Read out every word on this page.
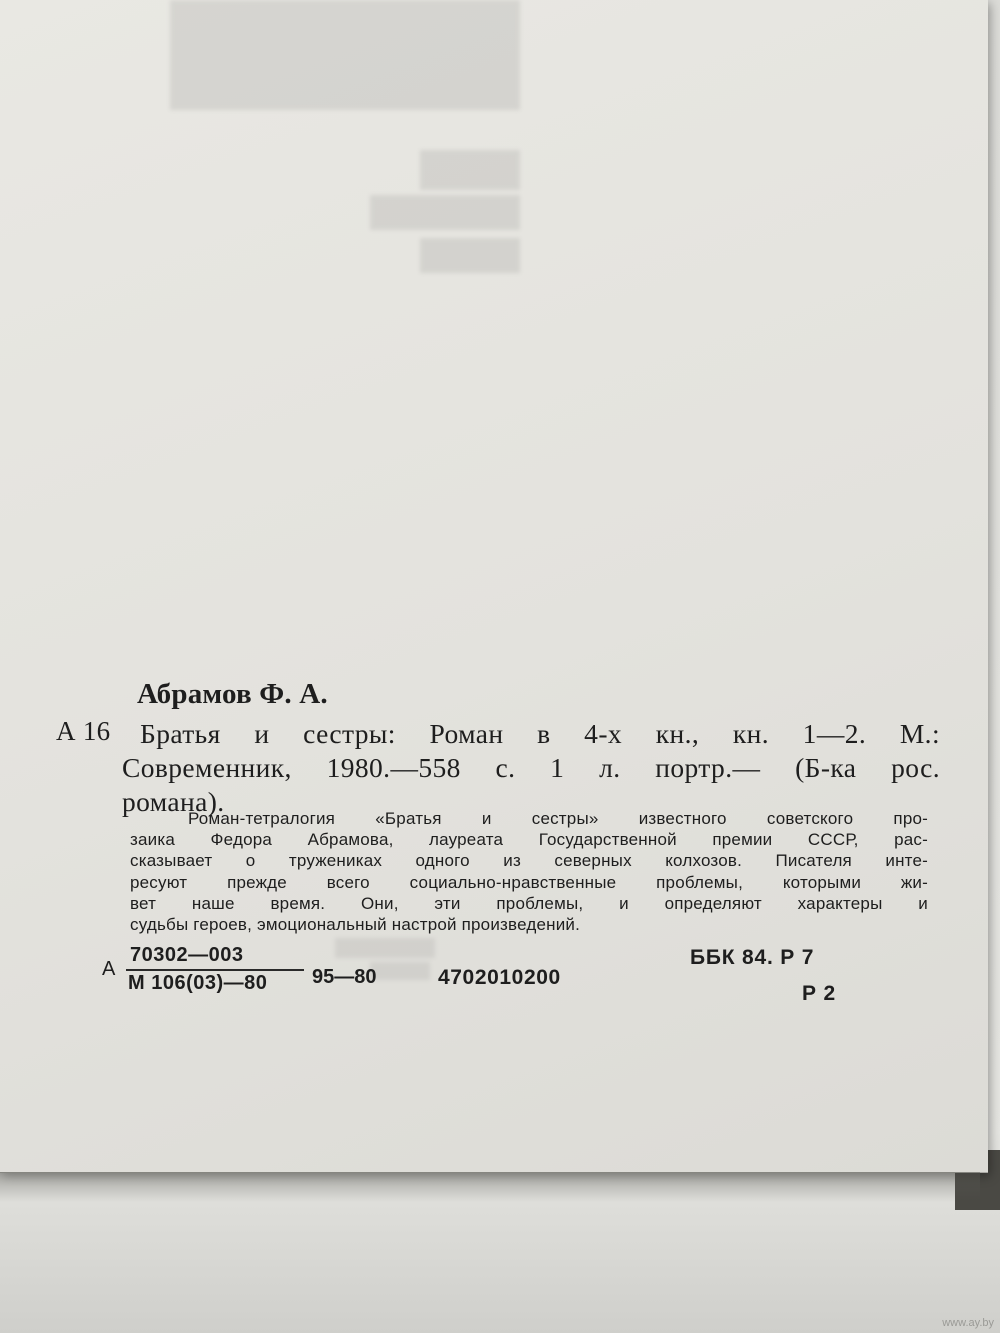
Абрамов Ф. А.
А 16	Братья и сестры: Роман в 4-х кн., кн. 1—2. М.:
Современник, 1980.—558 с. 1 л. портр.— (Б-ка рос.
романа).
Роман-тетралогия «Братья и сестры» известного советского про-
заика Федора Абрамова, лауреата Государственной премии СССР, рас-
сказывает о тружениках одного из северных колхозов. Писателя инте-
ресуют прежде всего социально-нравственные проблемы, которыми жи-
вет наше время. Они, эти проблемы, и определяют характеры и
судьбы героев, эмоциональный настрой произведений.
А
70302—003
М 106(03)—80 95—80	4702010200
ББК 84. Р 7
Р 2
www.ay.by
